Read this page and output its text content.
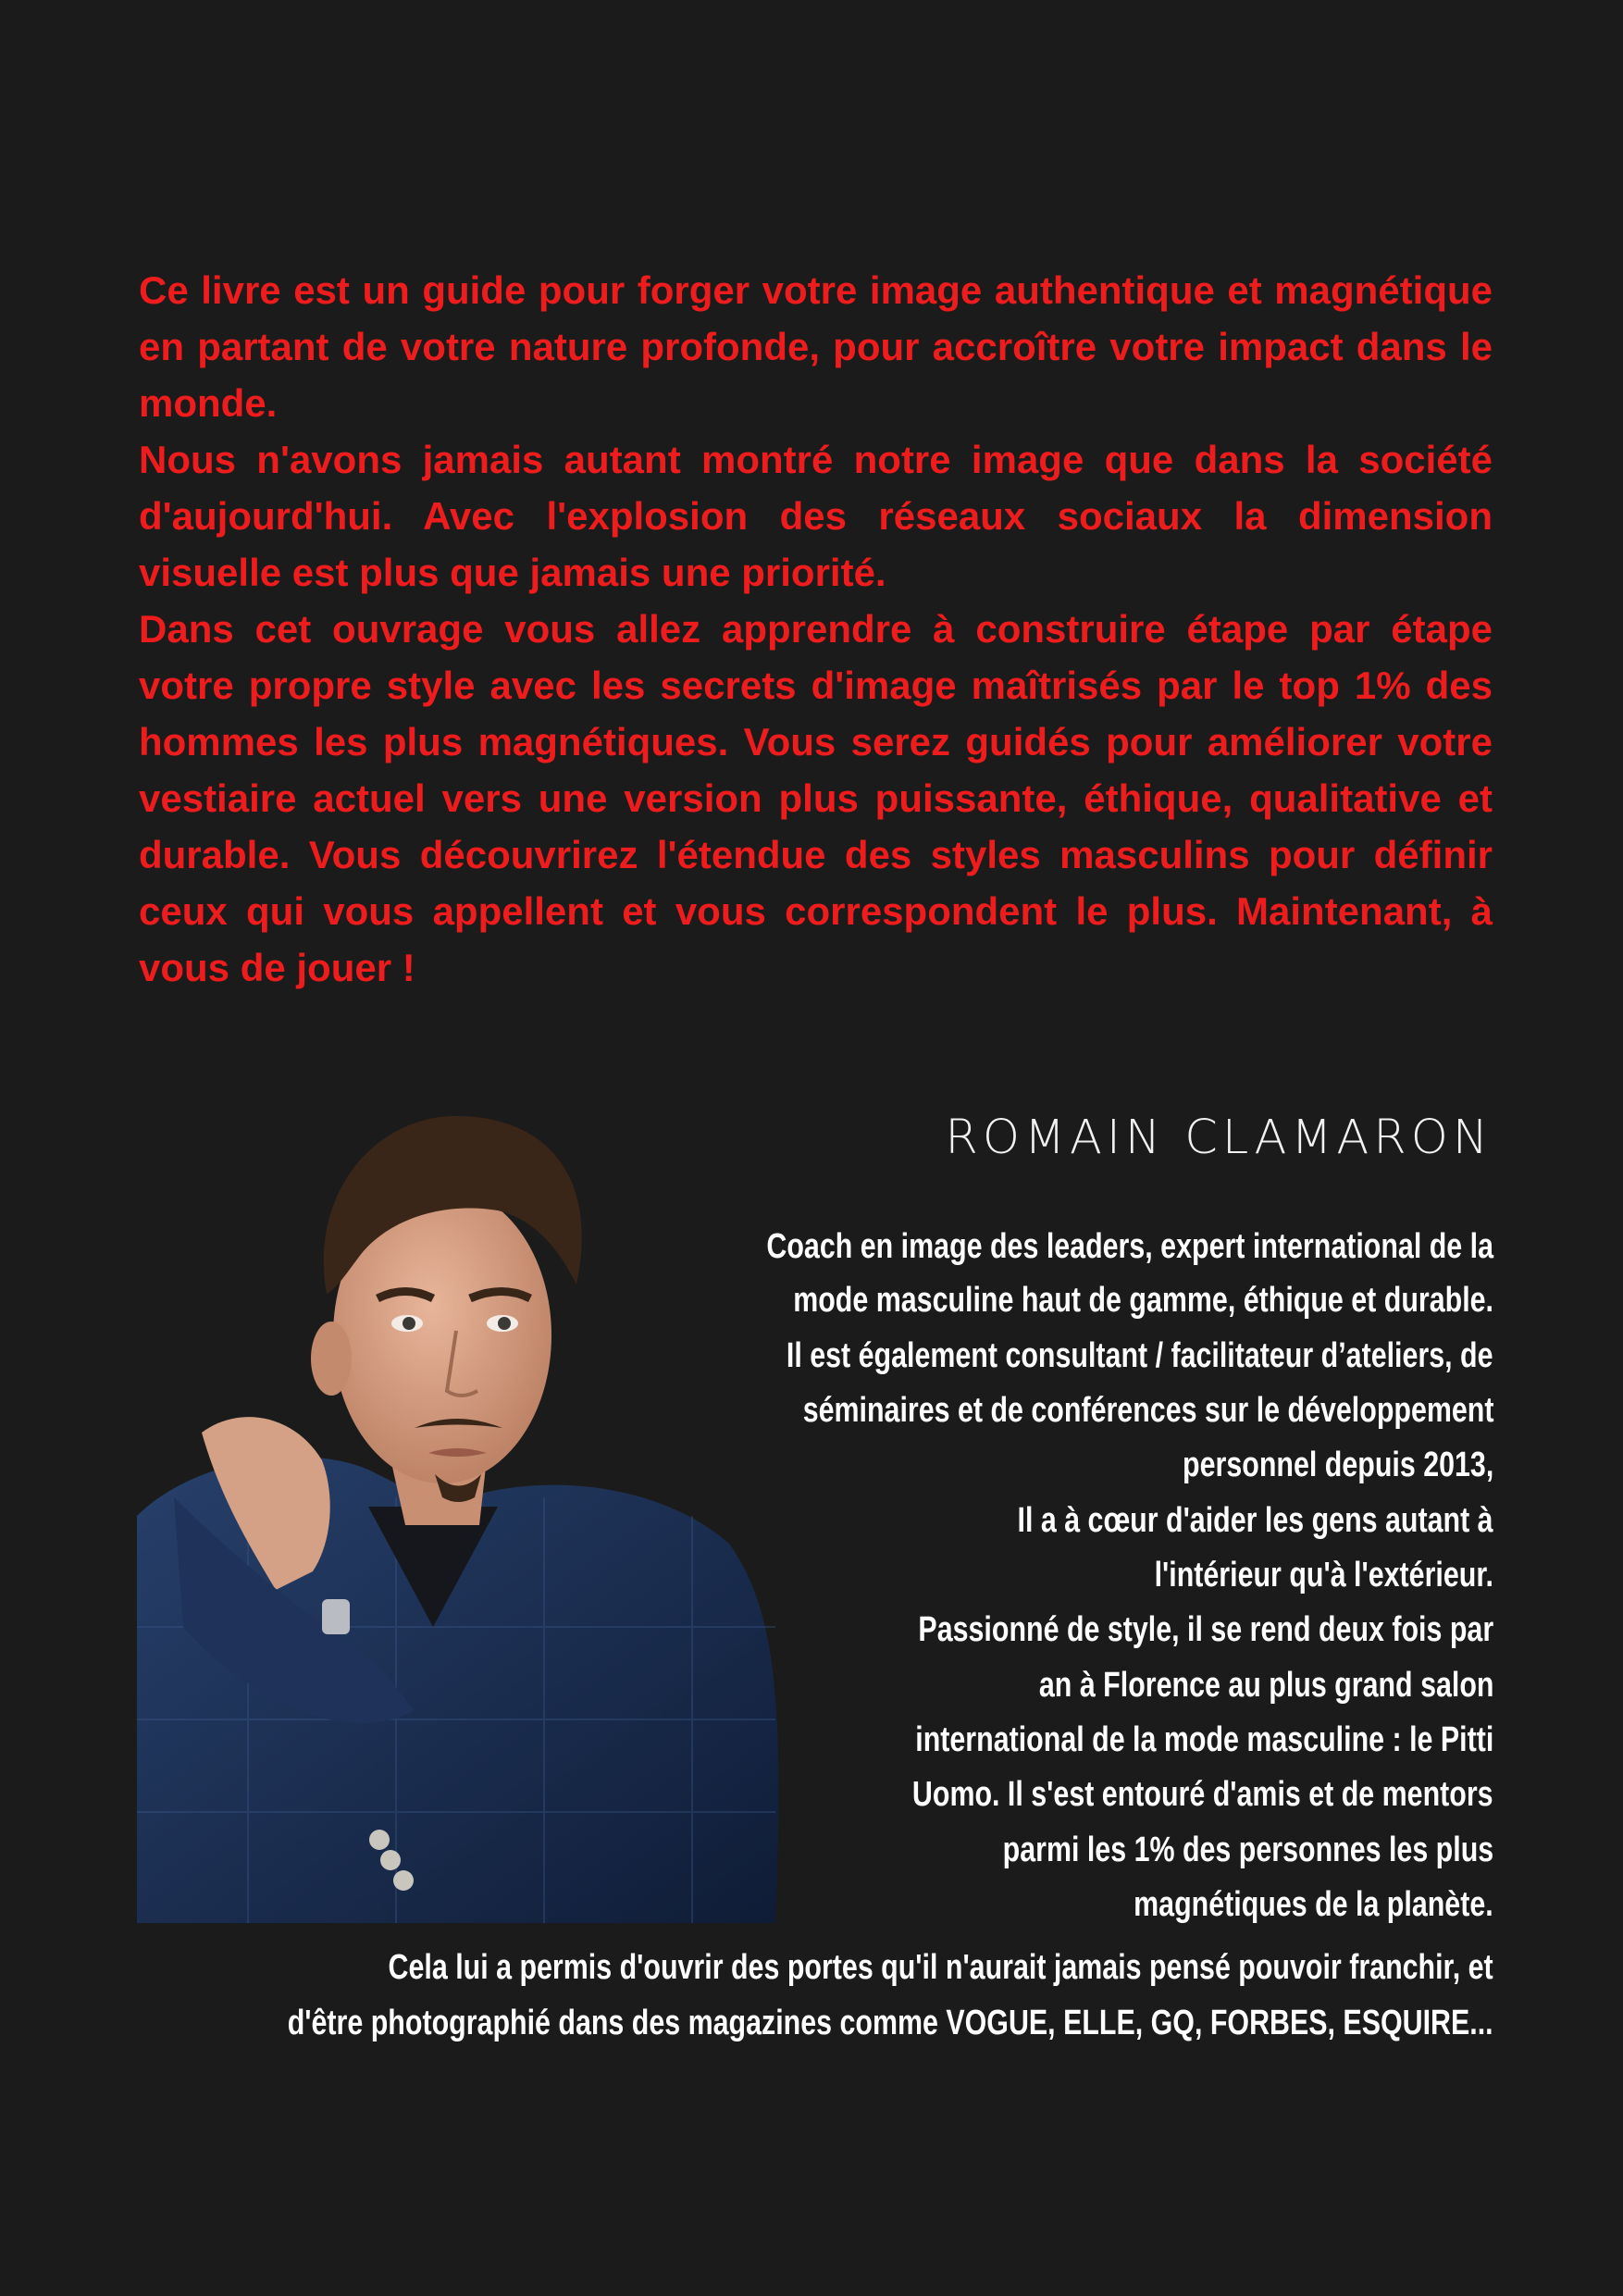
Ce livre est un guide pour forger votre image authentique et magnétique en partant de votre nature profonde, pour accroître votre impact dans le monde.

Nous n'avons jamais autant montré notre image que dans la société d'aujourd'hui. Avec l'explosion des réseaux sociaux la dimension visuelle est plus que jamais une priorité.

Dans cet ouvrage vous allez apprendre à construire étape par étape votre propre style avec les secrets d'image maîtrisés par le top 1% des hommes les plus magnétiques. Vous serez guidés pour améliorer votre vestiaire actuel vers une version plus puissante, éthique, qualitative et durable. Vous découvrirez l'étendue des styles masculins pour définir ceux qui vous appellent et vous correspondent le plus. Maintenant, à vous de jouer !

ROMAIN CLAMARON
Coach en image des leaders, expert international de la
mode masculine haut de gamme, éthique et durable.
Il est également consultant / facilitateur d’ateliers, de
séminaires et de conférences sur le développement
personnel depuis 2013,
Il a à cœur d'aider les gens autant à
l'intérieur qu'à l'extérieur.
Passionné de style, il se rend deux fois par
an à Florence au plus grand salon
international de la mode masculine : le Pitti
Uomo. Il s'est entouré d'amis et de mentors
parmi les 1% des personnes les plus
magnétiques de la planète.
Cela lui a permis d'ouvrir des portes qu'il n'aurait jamais pensé pouvoir franchir, et
d'être photographié dans des magazines comme VOGUE, ELLE, GQ, FORBES, ESQUIRE...
